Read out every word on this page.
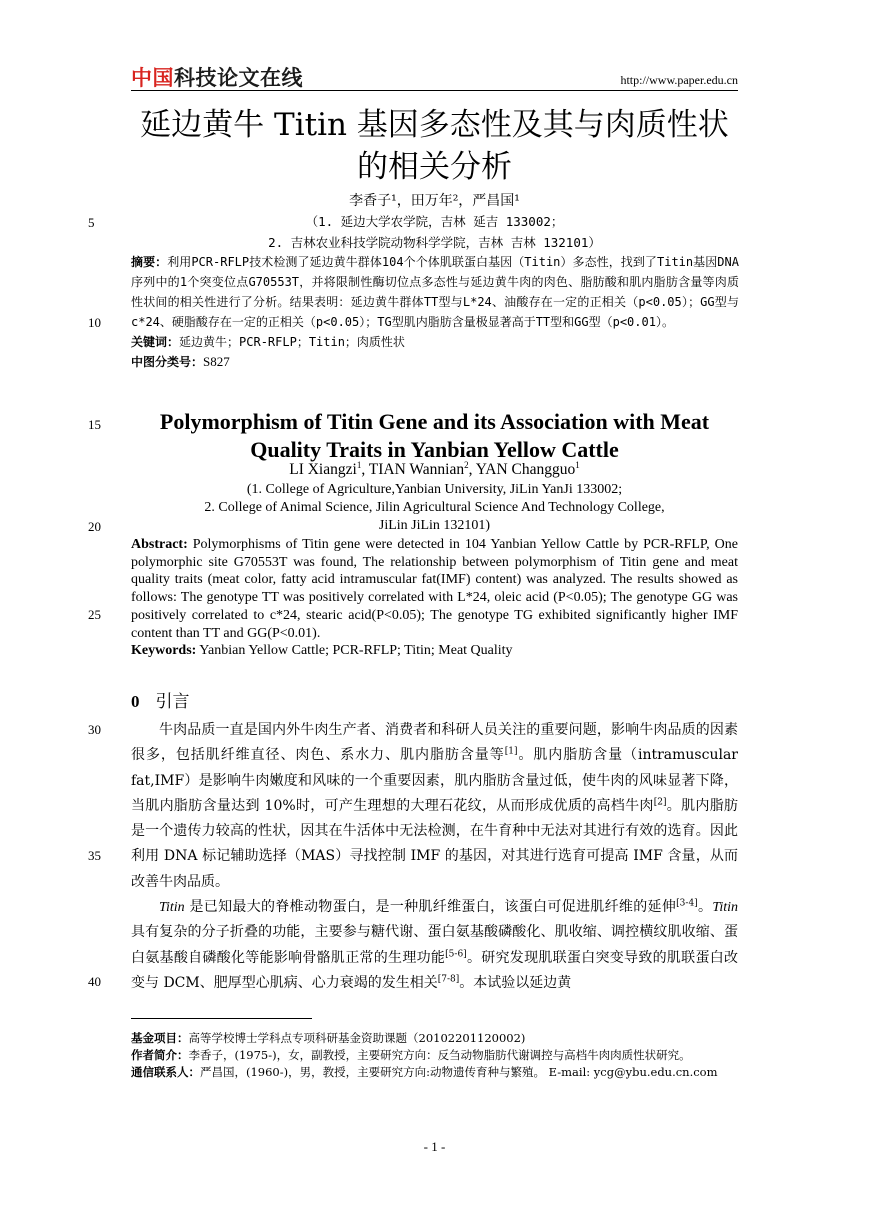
中国科技论文在线	http://www.paper.edu.cn
延边黄牛 Titin 基因多态性及其与肉质性状
的相关分析
李香子¹，田万年²，严昌国¹
（1. 延边大学农学院，吉林 延吉 133002；
2. 吉林农业科技学院动物科学学院，吉林 吉林 132101）
摘要：利用PCR-RFLP技术检测了延边黄牛群体104个个体肌联蛋白基因（Titin）多态性，找到了Titin基因DNA序列中的1个突变位点G70553T，并将限制性酶切位点多态性与延边黄牛肉的肉色、脂肪酸和肌内脂肪含量等肉质性状间的相关性进行了分析。结果表明：延边黄牛群体TT型与L*24、油酸存在一定的正相关（p<0.05）；GG型与c*24、硬脂酸存在一定的正相关（p<0.05）；TG型肌内脂肪含量极显著高于TT型和GG型（p<0.01）。
关键词：延边黄牛；PCR-RFLP；Titin；肉质性状
中图分类号：S827
Polymorphism of Titin Gene and its Association with Meat
Quality Traits in Yanbian Yellow Cattle
LI Xiangzi$^1$, TIAN Wannian$^2$, YAN Changguo$^1$
(1. College of Agriculture,Yanbian University, JiLin YanJi 133002;
2. College of Animal Science, Jilin Agricultural Science And Technology College,
JiLin JiLin 132101)
Abstract: Polymorphisms of Titin gene were detected in 104 Yanbian Yellow Cattle by PCR-RFLP, One polymorphic site G70553T was found, The relationship between polymorphism of Titin gene and meat quality traits (meat color, fatty acid intramuscular fat(IMF) content) was analyzed. The results showed as follows: The genotype TT was positively correlated with L*24, oleic acid (P<0.05); The genotype GG was positively correlated to c*24, stearic acid(P<0.05); The genotype TG exhibited significantly higher IMF content than TT and GG(P<0.01).
Keywords: Yanbian Yellow Cattle; PCR-RFLP; Titin; Meat Quality
0 引言

牛肉品质一直是国内外牛肉生产者、消费者和科研人员关注的重要问题，影响牛肉品质的因素很多，包括肌纤维直径、肉色、系水力、肌内脂肪含量等[1]。肌内脂肪含量（intramuscular fat,IMF）是影响牛肉嫩度和风味的一个重要因素，肌内脂肪含量过低，使牛肉的风味显著下降，当肌内脂肪含量达到 10%时，可产生理想的大理石花纹，从而形成优质的高档牛肉[2]。肌内脂肪是一个遗传力较高的性状，因其在牛活体中无法检测，在牛育种中无法对其进行有效的选育。因此利用 DNA 标记辅助选择（MAS）寻找控制 IMF 的基因，对其进行选育可提高 IMF 含量，从而改善牛肉品质。

Titin 是已知最大的脊椎动物蛋白，是一种肌纤维蛋白，该蛋白可促进肌纤维的延伸[3-4]。Titin 具有复杂的分子折叠的功能，主要参与糖代谢、蛋白氨基酸磷酸化、肌收缩、调控横纹肌收缩、蛋白氨基酸自磷酸化等能影响骨骼肌正常的生理功能[5-6]。研究发现肌联蛋白突变导致的肌联蛋白改变与 DCM、肥厚型心肌病、心力衰竭的发生相关[7-8]。本试验以延边黄

5
10
15
20
25
30
35
40

基金项目：高等学校博士学科点专项科研基金资助课题（20102201120002)

作者简介：李香子，(1975-)，女，副教授，主要研究方向：反刍动物脂肪代谢调控与高档牛肉肉质性状研究。

通信联系人：严昌国，(1960-)，男，教授，主要研究方向:动物遗传育种与繁殖。 E-mail: ycg@ybu.edu.cn.com

- 1 -
